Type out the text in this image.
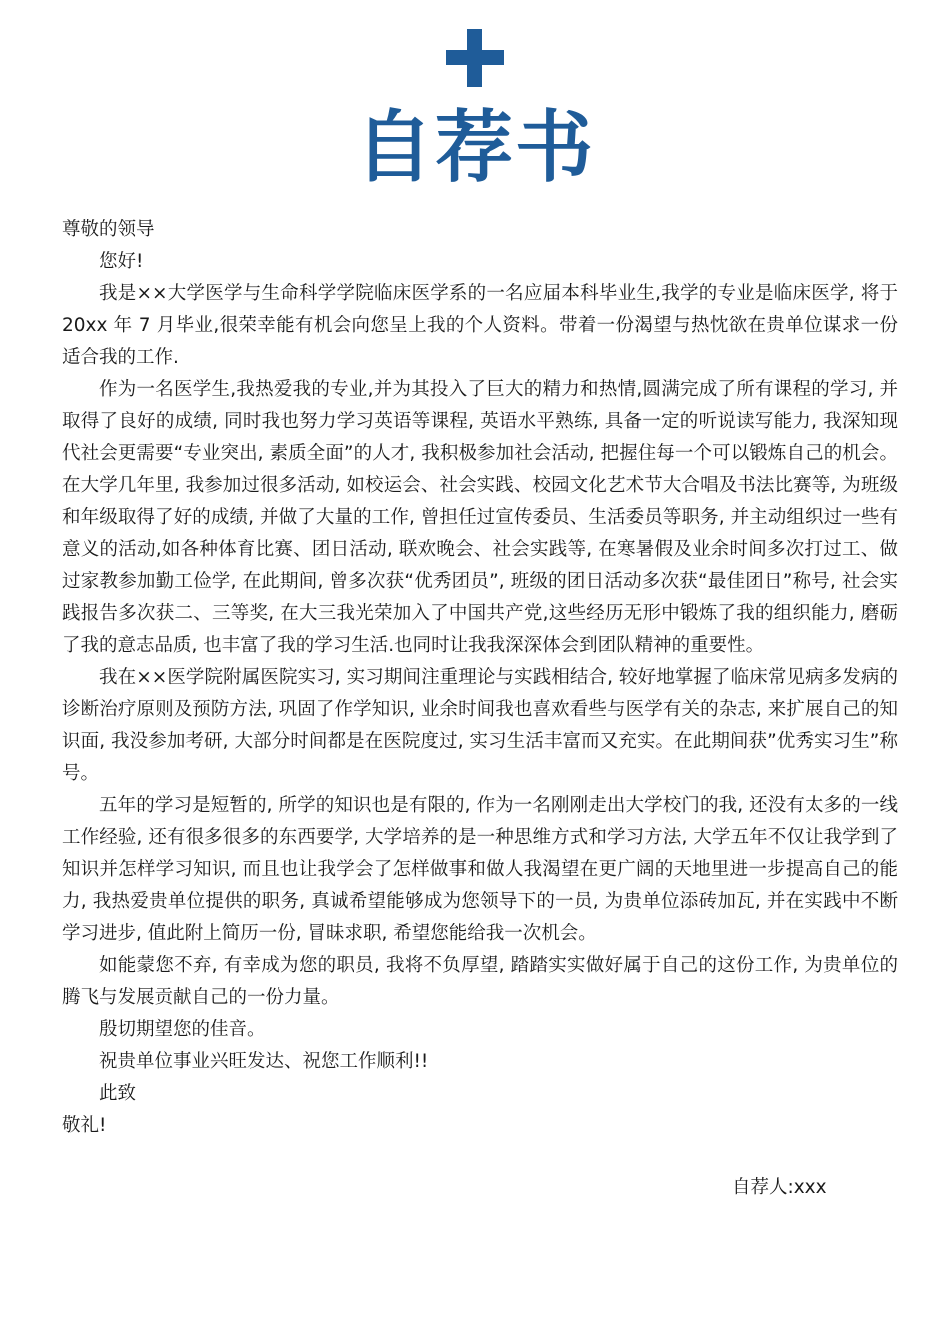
自荐书

尊敬的领导

您好!

我是××大学医学与生命科学学院临床医学系的一名应届本科毕业生,我学的专业是临床医学, 将于 20xx 年 7 月毕业,很荣幸能有机会向您呈上我的个人资料。带着一份渴望与热忱欲在贵单位谋求一份适合我的工作.

作为一名医学生,我热爱我的专业,并为其投入了巨大的精力和热情,圆满完成了所有课程的学习, 并取得了良好的成绩, 同时我也努力学习英语等课程, 英语水平熟练, 具备一定的听说读写能力, 我深知现代社会更需要“专业突出, 素质全面”的人才, 我积极参加社会活动, 把握住每一个可以锻炼自己的机会。在大学几年里, 我参加过很多活动, 如校运会、社会实践、校园文化艺术节大合唱及书法比赛等, 为班级和年级取得了好的成绩, 并做了大量的工作, 曾担任过宣传委员、生活委员等职务, 并主动组织过一些有意义的活动,如各种体育比赛、团日活动, 联欢晚会、社会实践等, 在寒暑假及业余时间多次打过工、做过家教参加勤工俭学, 在此期间, 曾多次获“优秀团员”, 班级的团日活动多次获“最佳团日”称号, 社会实践报告多次获二、三等奖, 在大三我光荣加入了中国共产党,这些经历无形中锻炼了我的组织能力, 磨砺了我的意志品质, 也丰富了我的学习生活.也同时让我我深深体会到团队精神的重要性。

我在××医学院附属医院实习, 实习期间注重理论与实践相结合, 较好地掌握了临床常见病多发病的诊断治疗原则及预防方法, 巩固了作学知识, 业余时间我也喜欢看些与医学有关的杂志, 来扩展自己的知识面, 我没参加考研, 大部分时间都是在医院度过, 实习生活丰富而又充实。在此期间获”优秀实习生”称号。

五年的学习是短暂的, 所学的知识也是有限的, 作为一名刚刚走出大学校门的我, 还没有太多的一线工作经验, 还有很多很多的东西要学, 大学培养的是一种思维方式和学习方法, 大学五年不仅让我学到了知识并怎样学习知识, 而且也让我学会了怎样做事和做人我渴望在更广阔的天地里进一步提高自己的能力, 我热爱贵单位提供的职务, 真诚希望能够成为您领导下的一员, 为贵单位添砖加瓦, 并在实践中不断学习进步, 值此附上简历一份, 冒昧求职, 希望您能给我一次机会。

如能蒙您不弃, 有幸成为您的职员, 我将不负厚望, 踏踏实实做好属于自己的这份工作, 为贵单位的腾飞与发展贡献自己的一份力量。

殷切期望您的佳音。

祝贵单位事业兴旺发达、祝您工作顺利!!

此致

敬礼!

自荐人:xxx
